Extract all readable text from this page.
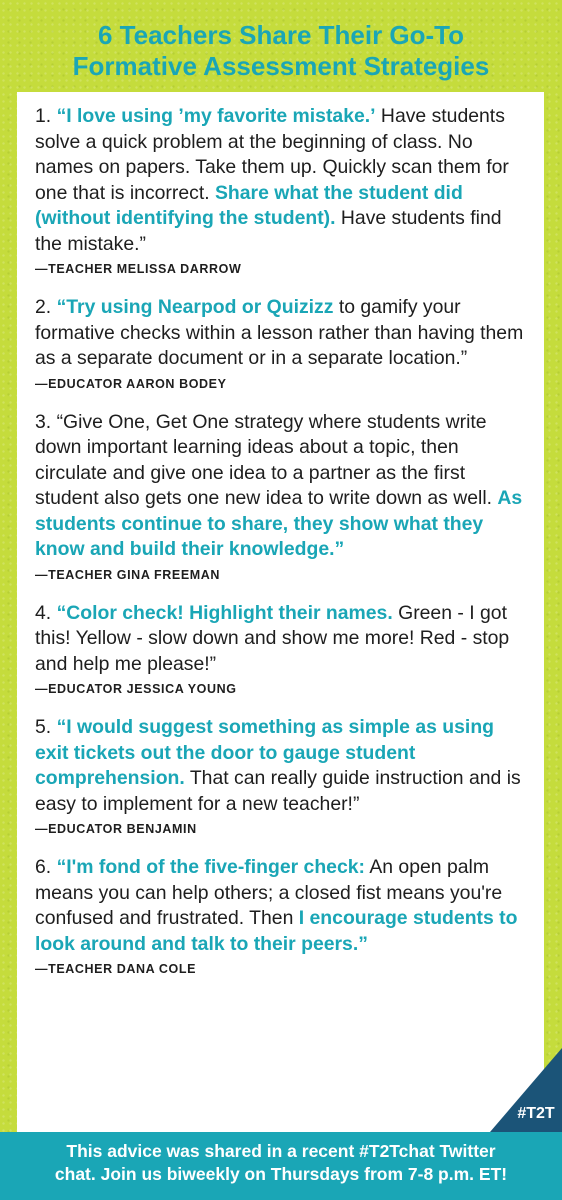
6 Teachers Share Their Go-To
Formative Assessment Strategies

1. “I love using ’my favorite mistake.’ Have students solve a quick problem at the beginning of class. No names on papers. Take them up. Quickly scan them for one that is incorrect. Share what the student did (without identifying the student). Have students find the mistake.”

—TEACHER MELISSA DARROW

2. “Try using Nearpod or Quizizz to gamify your formative checks within a lesson rather than having them as a separate document or in a separate location.”

—EDUCATOR AARON BODEY

3. “Give One, Get One strategy where students write down important learning ideas about a topic, then circulate and give one idea to a partner as the first student also gets one new idea to write down as well. As students continue to share, they show what they know and build their knowledge.”

—TEACHER GINA FREEMAN

4. “Color check! Highlight their names. Green - I got this! Yellow - slow down and show me more! Red - stop and help me please!”

—EDUCATOR JESSICA YOUNG

5. “I would suggest something as simple as using exit tickets out the door to gauge student comprehension. That can really guide instruction and is easy to implement for a new teacher!”

—EDUCATOR BENJAMIN

6. “I'm fond of the five-finger check: An open palm means you can help others; a closed fist means you're confused and frustrated. Then I encourage students to look around and talk to their peers.”

—TEACHER DANA COLE

#T2T
This advice was shared in a recent #T2Tchat Twitter
chat. Join us biweekly on Thursdays from 7-8 p.m. ET!
